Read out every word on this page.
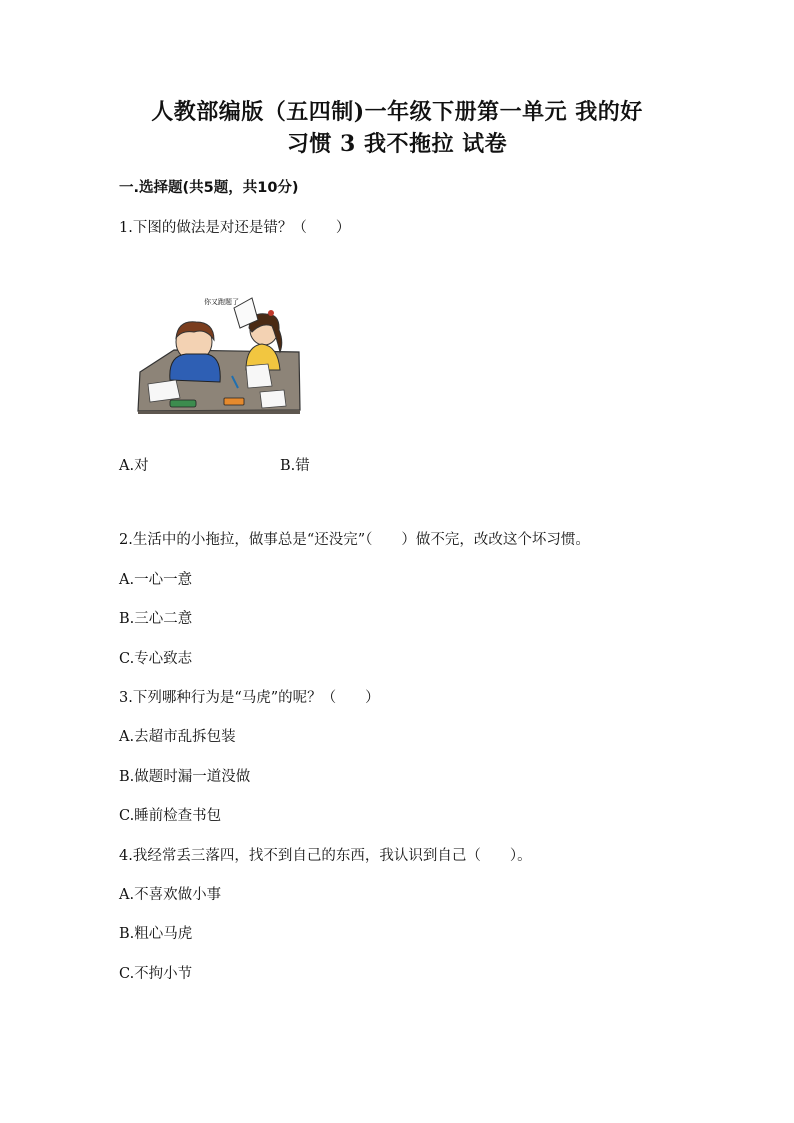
人教部编版（五四制)一年级下册第一单元 我的好
习惯 3 我不拖拉 试卷
一.选择题(共5题，共10分)
1.下图的做法是对还是错？（　　）
你又跑题了
A.对	B.错
2.生活中的小拖拉，做事总是“还没完”（　　）做不完，改改这个坏习惯。
A.一心一意
B.三心二意
C.专心致志
3.下列哪种行为是“马虎”的呢？（　　）
A.去超市乱拆包装
B.做题时漏一道没做
C.睡前检查书包
4.我经常丢三落四，找不到自己的东西，我认识到自己（　　）。
A.不喜欢做小事
B.粗心马虎
C.不拘小节
